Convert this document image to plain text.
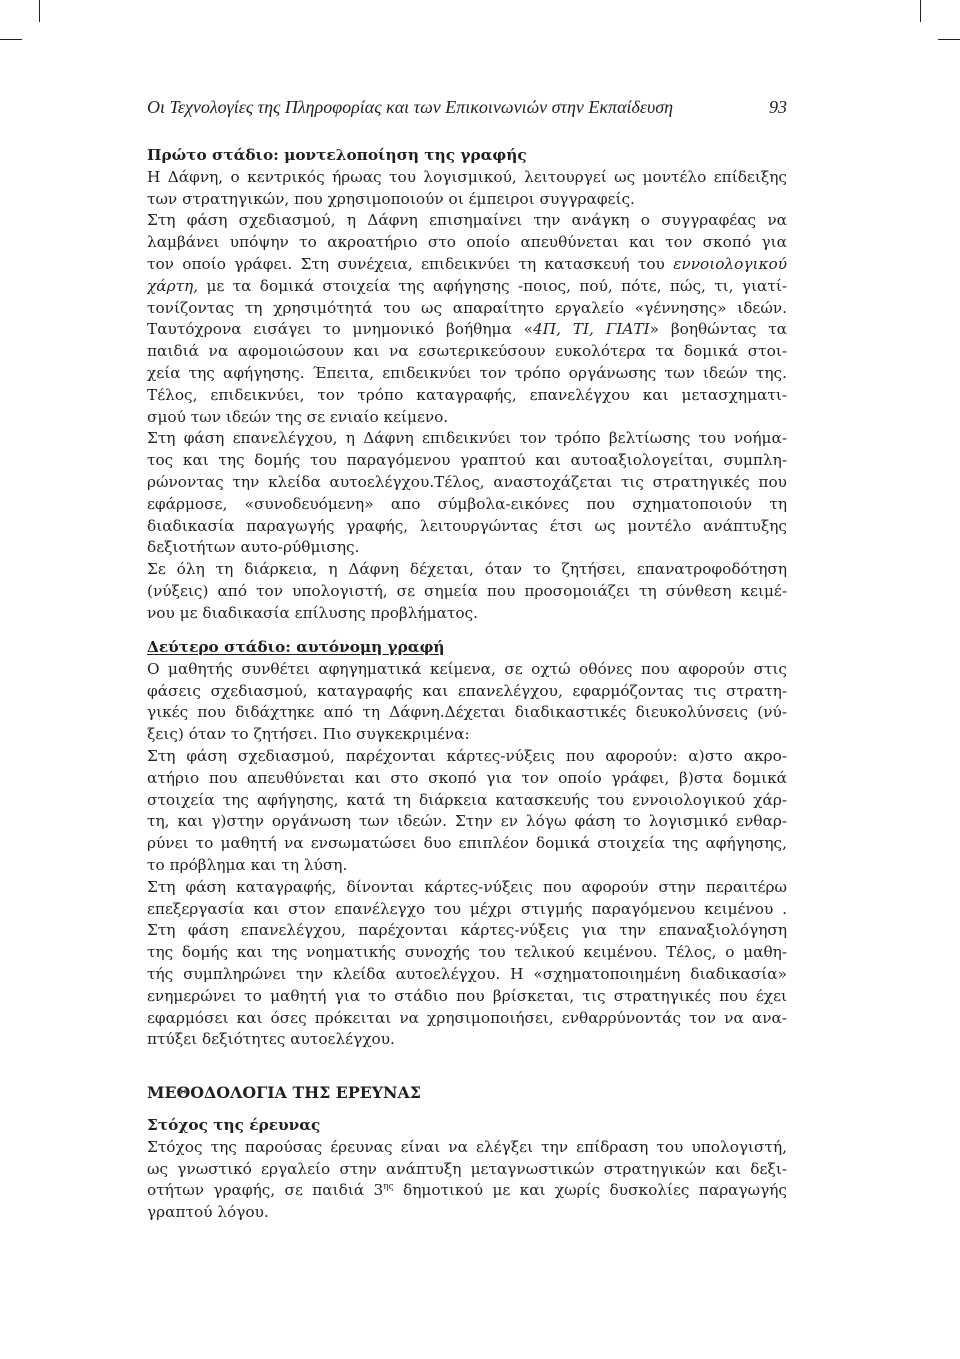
Οι Τεχνολογίες της Πληροφορίας και των Επικοινωνιών στην Εκπαίδευση	93
Πρώτο στάδιο: μοντελοποίηση της γραφής
Η Δάφνη, ο κεντρικός ήρωας του λογισμικού, λειτουργεί ως μοντέλο επίδειξης
των στρατηγικών, που χρησιμοποιούν οι έμπειροι συγγραφείς.
Στη φάση σχεδιασμού, η Δάφνη επισημαίνει την ανάγκη ο συγγραφέας να
λαμβάνει υπόψην το ακροατήριο στο οποίο απευθύνεται και τον σκοπό για
τον οποίο γράφει. Στη συνέχεια, επιδεικνύει τη κατασκευή του εννοιολογικού
χάρτη, με τα δομικά στοιχεία της αφήγησης -ποιος, πού, πότε, πώς, τι, γιατί-
τονίζοντας τη χρησιμότητά του ως απαραίτητο εργαλείο «γέννησης» ιδεών.
Ταυτόχρονα εισάγει το μνημονικό βοήθημα «4Π, ΤΙ, ΓΙΑΤΙ» βοηθώντας τα
παιδιά να αφομοιώσουν και να εσωτερικεύσουν ευκολότερα τα δομικά στοι-
χεία της αφήγησης. Έπειτα, επιδεικνύει τον τρόπο οργάνωσης των ιδεών της.
Τέλος, επιδεικνύει, τον τρόπο καταγραφής, επανελέγχου και μετασχηματι-
σμού των ιδεών της σε ενιαίο κείμενο.
Στη φάση επανελέγχου, η Δάφνη επιδεικνύει τον τρόπο βελτίωσης του νοήμα-
τος και της δομής του παραγόμενου γραπτού και αυτοαξιολογείται, συμπλη-
ρώνοντας την κλείδα αυτοελέγχου.Τέλος, αναστοχάζεται τις στρατηγικές που
εφάρμοσε, «συνοδευόμενη» απο σύμβολα-εικόνες που σχηματοποιούν τη
διαδικασία παραγωγής γραφής, λειτουργώντας έτσι ως μοντέλο ανάπτυξης
δεξιοτήτων αυτο-ρύθμισης.
Σε όλη τη διάρκεια, η Δάφνη δέχεται, όταν το ζητήσει, επανατροφοδότηση
(νύξεις) από τον υπολογιστή, σε σημεία που προσομοιάζει τη σύνθεση κειμέ-
νου με διαδικασία επίλυσης προβλήματος.
Δεύτερο στάδιο: αυτόνομη γραφή
Ο μαθητής συνθέτει αφηγηματικά κείμενα, σε οχτώ οθόνες που αφορούν στις
φάσεις σχεδιασμού, καταγραφής και επανελέγχου, εφαρμόζοντας τις στρατη-
γικές που διδάχτηκε από τη Δάφνη.Δέχεται διαδικαστικές διευκολύνσεις (νύ-
ξεις) όταν το ζητήσει. Πιο συγκεκριμένα:
Στη φάση σχεδιασμού, παρέχονται κάρτες-νύξεις που αφορούν: α)στο ακρο-
ατήριο που απευθύνεται και στο σκοπό για τον οποίο γράφει, β)στα δομικά
στοιχεία της αφήγησης, κατά τη διάρκεια κατασκευής του εννοιολογικού χάρ-
τη, και γ)στην οργάνωση των ιδεών. Στην εν λόγω φάση το λογισμικό ενθαρ-
ρύνει το μαθητή να ενσωματώσει δυο επιπλέον δομικά στοιχεία της αφήγησης,
το πρόβλημα και τη λύση.
Στη φάση καταγραφής, δίνονται κάρτες-νύξεις που αφορούν στην περαιτέρω
επεξεργασία και στον επανέλεγχο του μέχρι στιγμής παραγόμενου κειμένου .
Στη φάση επανελέγχου, παρέχονται κάρτες-νύξεις για την επαναξιολόγηση
της δομής και της νοηματικής συνοχής του τελικού κειμένου. Τέλος, ο μαθη-
τής συμπληρώνει την κλείδα αυτοελέγχου. Η «σχηματοποιημένη διαδικασία»
ενημερώνει το μαθητή για το στάδιο που βρίσκεται, τις στρατηγικές που έχει
εφαρμόσει και όσες πρόκειται να χρησιμοποιήσει, ενθαρρύνοντάς τον να ανα-
πτύξει δεξιότητες αυτοελέγχου.
ΜΕΘΟΔΟΛΟΓΙΑ ΤΗΣ ΕΡΕΥΝΑΣ
Στόχος της έρευνας
Στόχος της παρούσας έρευνας είναι να ελέγξει την επίδραση του υπολογιστή,
ως γνωστικό εργαλείο στην ανάπτυξη μεταγνωστικών στρατηγικών και δεξι-
οτήτων γραφής, σε παιδιά $3^{\eta\varsigma}$ δημοτικού με και χωρίς δυσκολίες παραγωγής
γραπτού λόγου.
